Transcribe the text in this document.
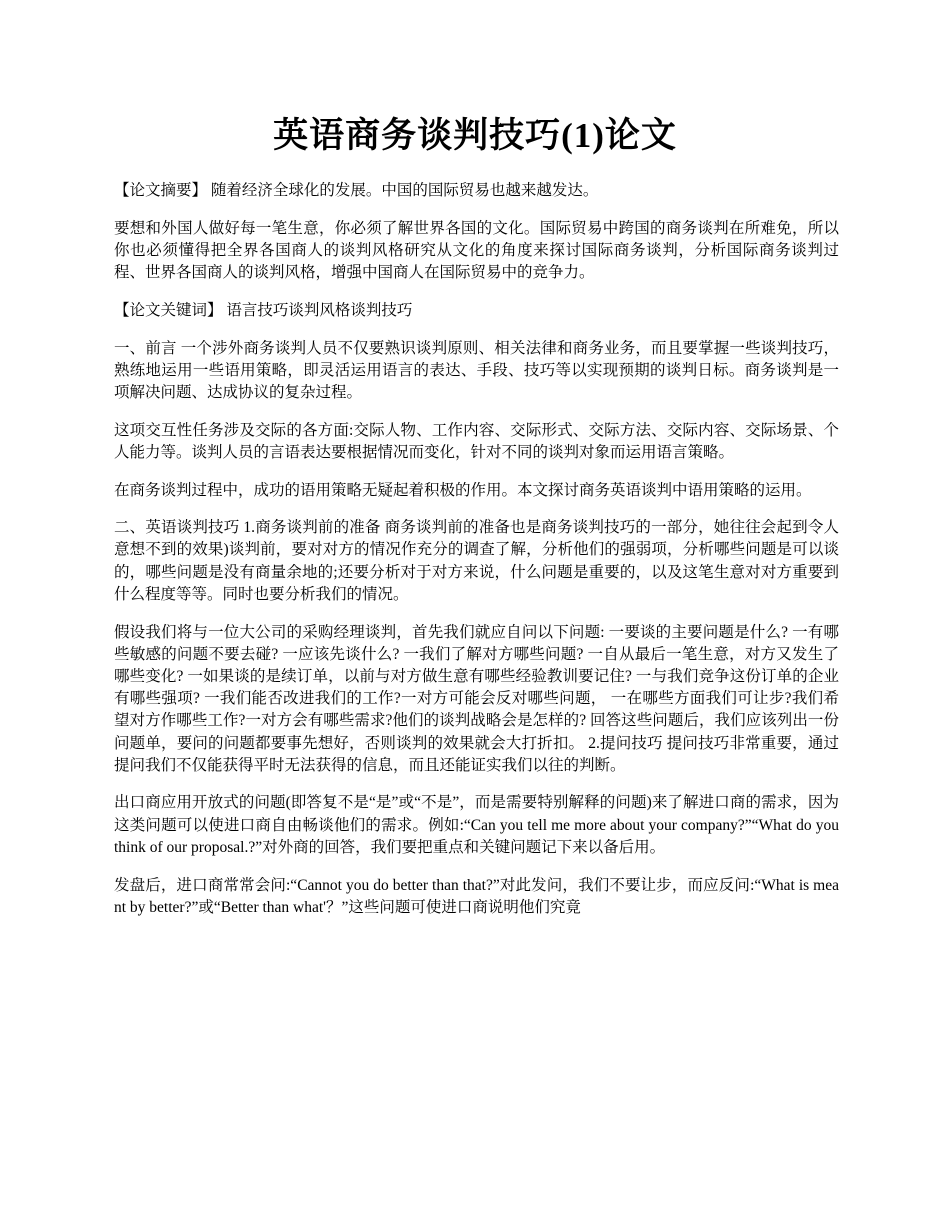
英语商务谈判技巧(1)论文

【论文摘要】 随着经济全球化的发展。中国的国际贸易也越来越发达。

要想和外国人做好每一笔生意，你必须了解世界各国的文化。国际贸易中跨国的商务谈判在所难免，所以你也必须懂得把全界各国商人的谈判风格研究从文化的角度来探讨国际商务谈判，分析国际商务谈判过程、世界各国商人的谈判风格，增强中国商人在国际贸易中的竞争力。

【论文关键词】 语言技巧谈判风格谈判技巧

一、前言 一个涉外商务谈判人员不仅要熟识谈判原则、相关法律和商务业务，而且要掌握一些谈判技巧，熟练地运用一些语用策略，即灵活运用语言的表达、手段、技巧等以实现预期的谈判日标。商务谈判是一项解决问题、达成协议的复杂过程。

这项交互性任务涉及交际的各方面:交际人物、工作内容、交际形式、交际方法、交际内容、交际场景、个人能力等。谈判人员的言语表达要根据情况而变化，针对不同的谈判对象而运用语言策略。

在商务谈判过程中，成功的语用策略无疑起着积极的作用。本文探讨商务英语谈判中语用策略的运用。

二、英语谈判技巧 1.商务谈判前的准备 商务谈判前的准备也是商务谈判技巧的一部分，她往往会起到令人意想不到的效果)谈判前，要对对方的情况作充分的调查了解，分析他们的强弱项，分析哪些问题是可以谈的，哪些问题是没有商量余地的;还要分析对于对方来说，什么问题是重要的，以及这笔生意对对方重要到什么程度等等。同时也要分析我们的情况。

假设我们将与一位大公司的采购经理谈判，首先我们就应自问以下问题: 一要谈的主要问题是什么? 一有哪些敏感的问题不要去碰? 一应该先谈什么? 一我们了解对方哪些问题? 一自从最后一笔生意，对方又发生了哪些变化? 一如果谈的是续订单，以前与对方做生意有哪些经验教训要记住? 一与我们竞争这份订单的企业有哪些强项? 一我们能否改进我们的工作?一对方可能会反对哪些问题， 一在哪些方面我们可让步?我们希望对方作哪些工作?一对方会有哪些需求?他们的谈判战略会是怎样的? 回答这些问题后，我们应该列出一份问题单，要问的问题都要事先想好，否则谈判的效果就会大打折扣。 2.提问技巧 提问技巧非常重要，通过提问我们不仅能获得平时无法获得的信息，而且还能证实我们以往的判断。

出口商应用开放式的问题(即答复不是“是”或“不是”，而是需要特别解释的问题)来了解进口商的需求，因为这类问题可以使进口商自由畅谈他们的需求。例如:“Can you tell me more about your company?”“What do you think of our proposal.?”对外商的回答，我们要把重点和关键问题记下来以备后用。

发盘后，进口商常常会问:“Cannot you do better than that?”对此发问，我们不要让步，而应反问:“What is meant by better?”或“Better than what'？”这些问题可使进口商说明他们究竟
